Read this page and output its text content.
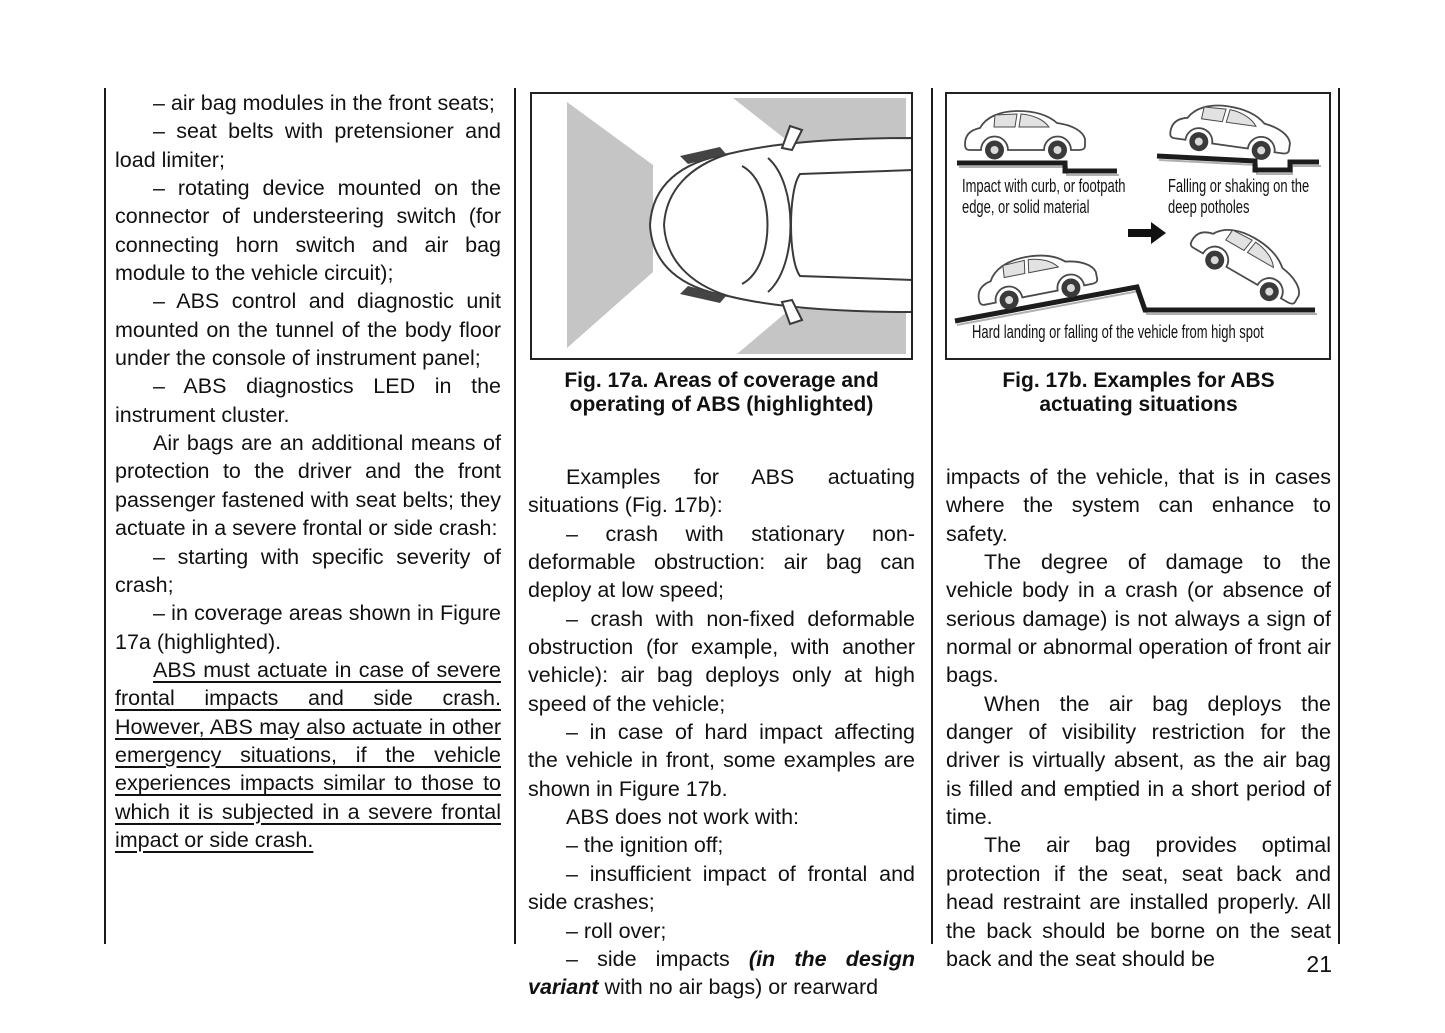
– air bag modules in the front seats;

– seat belts with pretensioner and load limiter;

– rotating device mounted on the connector of understeering switch (for connecting horn switch and air bag module to the vehicle circuit);

– ABS control and diagnostic unit mounted on the tunnel of the body floor under the console of instrument panel;

– ABS diagnostics LED in the instrument cluster.

Air bags are an additional means of protection to the driver and the front passenger fastened with seat belts; they actuate in a severe frontal or side crash:

– starting with specific severity of crash;

– in coverage areas shown in Figure 17a (highlighted).

ABS must actuate in case of severe frontal impacts and side crash. However, ABS may also actuate in other emergency situations, if the vehicle experiences impacts similar to those to which it is subjected in a severe frontal impact or side crash.

Fig. 17a. Areas of coverage and
operating of ABS (highlighted)

Examples for ABS actuating situations (Fig. 17b):

– crash with stationary non-deformable obstruction: air bag can deploy at low speed;

– crash with non-fixed deformable obstruction (for example, with another vehicle): air bag deploys only at high speed of the vehicle;

– in case of hard impact affecting the vehicle in front, some examples are shown in Figure 17b.

ABS does not work with:

– the ignition off;

– insufficient impact of frontal and side crashes;

– roll over;

– side impacts (in the design variant with no air bags) or rearward

Impact with curb, or footpath edge, or solid material
Falling or shaking on the deep potholes
Hard landing or falling of the vehicle from high spot
Fig. 17b. Examples for ABS
actuating situations

impacts of the vehicle, that is in cases where the system can enhance to safety.

The degree of damage to the vehicle body in a crash (or absence of serious damage) is not always a sign of normal or abnormal operation of front air bags.

When the air bag deploys the danger of visibility restriction for the driver is virtually absent, as the air bag is filled and emptied in a short period of time.

The air bag provides optimal protection if the seat, seat back and head restraint are installed properly. All the back should be borne on the seat back and the seat should be	21
